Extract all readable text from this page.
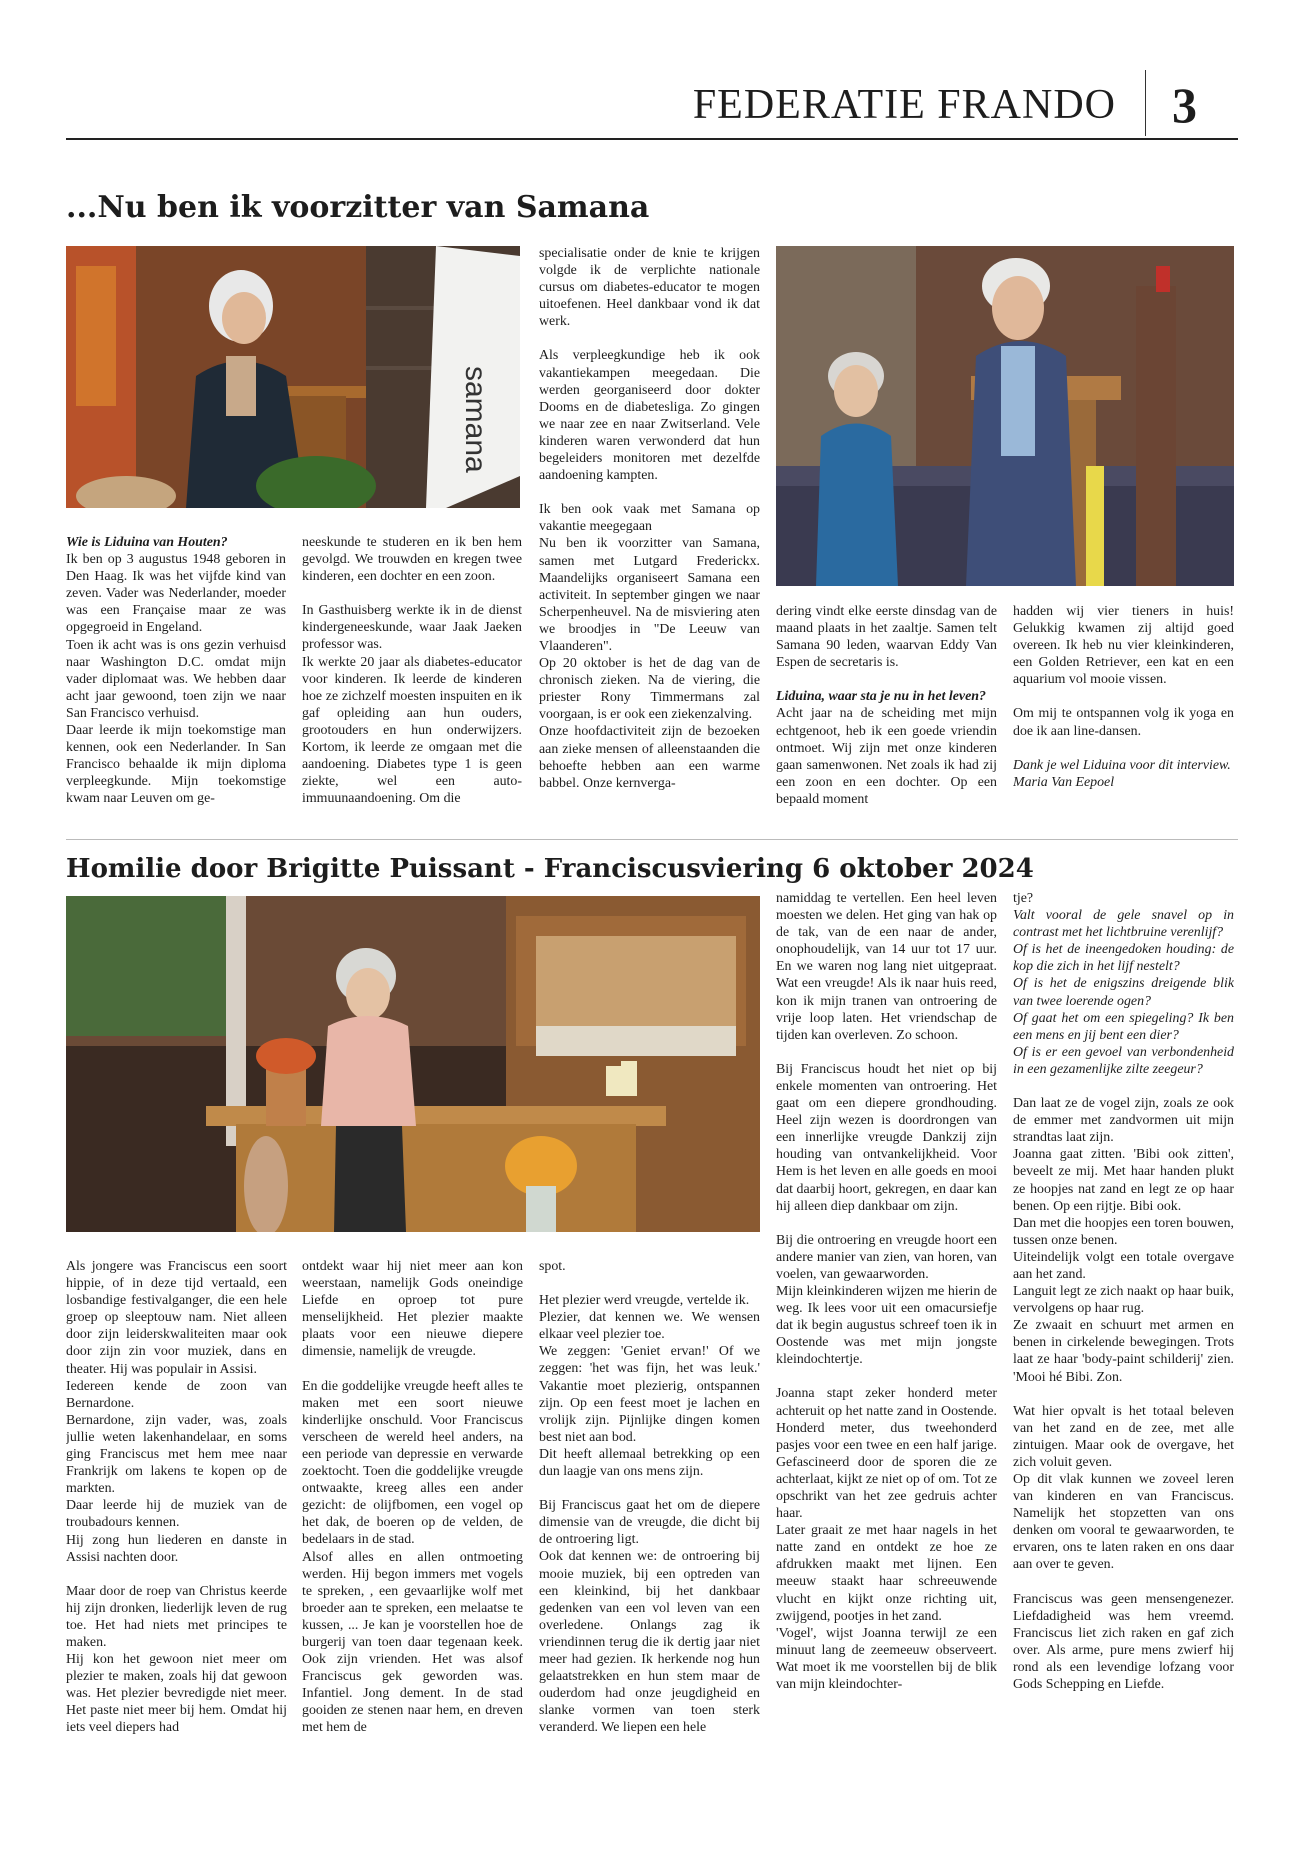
FEDERATIE FRANDO 3
...Nu ben ik voorzitter van Samana
samana

Wie is Liduina van Houten?

Ik ben op 3 augustus 1948 geboren in Den Haag. Ik was het vijfde kind van zeven. Vader was Nederlander, moeder was een Française maar ze was opgegroeid in Engeland.

Toen ik acht was is ons gezin verhuisd naar Washington D.C. omdat mijn vader diplomaat was. We hebben daar acht jaar gewoond, toen zijn we naar San Francisco verhuisd.

Daar leerde ik mijn toekomstige man kennen, ook een Nederlander. In San Francisco behaalde ik mijn diploma verpleegkunde. Mijn toekomstige kwam naar Leuven om ge-

neeskunde te studeren en ik ben hem gevolgd. We trouwden en kregen twee kinderen, een dochter en een zoon.

In Gasthuisberg werkte ik in de dienst kindergeneeskunde, waar Jaak Jaeken professor was.

Ik werkte 20 jaar als diabetes-educator voor kinderen. Ik leerde de kinderen hoe ze zichzelf moesten inspuiten en ik gaf opleiding aan hun ouders, grootouders en hun onderwijzers. Kortom, ik leerde ze omgaan met die aandoening. Diabetes type 1 is geen ziekte, wel een auto-immuunaandoening. Om die

specialisatie onder de knie te krijgen volgde ik de verplichte nationale cursus om diabetes-educator te mogen uitoefenen. Heel dankbaar vond ik dat werk.

Als verpleegkundige heb ik ook vakantiekampen meegedaan. Die werden georganiseerd door dokter Dooms en de diabetesliga. Zo gingen we naar zee en naar Zwitserland. Vele kinderen waren verwonderd dat hun begeleiders monitoren met dezelfde aandoening kampten.

Ik ben ook vaak met Samana op vakantie meegegaan

Nu ben ik voorzitter van Samana, samen met Lutgard Frederickx. Maandelijks organiseert Samana een activiteit. In september gingen we naar Scherpenheuvel. Na de misviering aten we broodjes in "De Leeuw van Vlaanderen".

Op 20 oktober is het de dag van de chronisch zieken. Na de viering, die priester Rony Timmermans zal voorgaan, is er ook een ziekenzalving.

Onze hoofdactiviteit zijn de bezoeken aan zieke mensen of alleenstaanden die behoefte hebben aan een warme babbel. Onze kernverga-

dering vindt elke eerste dinsdag van de maand plaats in het zaaltje. Samen telt Samana 90 leden, waarvan Eddy Van Espen de secretaris is.

Liduina, waar sta je nu in het leven?

Acht jaar na de scheiding met mijn echtgenoot, heb ik een goede vriendin ontmoet. Wij zijn met onze kinderen gaan samenwonen. Net zoals ik had zij een zoon en een dochter. Op een bepaald moment

hadden wij vier tieners in huis! Gelukkig kwamen zij altijd goed overeen. Ik heb nu vier kleinkinderen, een Golden Retriever, een kat en een aquarium vol mooie vissen.

Om mij te ontspannen volg ik yoga en doe ik aan line-dansen.

Dank je wel Liduina voor dit interview.

Maria Van Eepoel

Homilie door Brigitte Puissant - Franciscusviering 6 oktober 2024

Als jongere was Franciscus een soort hippie, of in deze tijd vertaald, een losbandige festivalganger, die een hele groep op sleeptouw nam. Niet alleen door zijn leiderskwaliteiten maar ook door zijn zin voor muziek, dans en theater. Hij was populair in Assisi.

Iedereen kende de zoon van Bernardone.

Bernardone, zijn vader, was, zoals jullie weten lakenhandelaar, en soms ging Franciscus met hem mee naar Frankrijk om lakens te kopen op de markten.

Daar leerde hij de muziek van de troubadours kennen.

Hij zong hun liederen en danste in Assisi nachten door.

Maar door de roep van Christus keerde hij zijn dronken, liederlijk leven de rug toe. Het had niets met principes te maken.

Hij kon het gewoon niet meer om plezier te maken, zoals hij dat gewoon was. Het plezier bevredigde niet meer. Het paste niet meer bij hem. Omdat hij iets veel diepers had

ontdekt waar hij niet meer aan kon weerstaan, namelijk Gods oneindige Liefde en oproep tot pure menselijkheid. Het plezier maakte plaats voor een nieuwe diepere dimensie, namelijk de vreugde.

En die goddelijke vreugde heeft alles te maken met een soort nieuwe kinderlijke onschuld. Voor Franciscus verscheen de wereld heel anders, na een periode van depressie en verwarde zoektocht. Toen die goddelijke vreugde ontwaakte, kreeg alles een ander gezicht: de olijfbomen, een vogel op het dak, de boeren op de velden, de bedelaars in de stad.

Alsof alles en allen ontmoeting werden. Hij begon immers met vogels te spreken, , een gevaarlijke wolf met broeder aan te spreken, een melaatse te kussen, ... Je kan je voorstellen hoe de burgerij van toen daar tegenaan keek. Ook zijn vrienden. Het was alsof Franciscus gek geworden was. Infantiel. Jong dement. In de stad gooiden ze stenen naar hem, en dreven met hem de

spot.

Het plezier werd vreugde, vertelde ik.

Plezier, dat kennen we. We wensen elkaar veel plezier toe.

We zeggen: 'Geniet ervan!' Of we zeggen: 'het was fijn, het was leuk.' Vakantie moet plezierig, ontspannen zijn. Op een feest moet je lachen en vrolijk zijn. Pijnlijke dingen komen best niet aan bod.

Dit heeft allemaal betrekking op een dun laagje van ons mens zijn.

Bij Franciscus gaat het om de diepere dimensie van de vreugde, die dicht bij de ontroering ligt.

Ook dat kennen we: de ontroering bij mooie muziek, bij een optreden van een kleinkind, bij het dankbaar gedenken van een vol leven van een overledene. Onlangs zag ik vriendinnen terug die ik dertig jaar niet meer had gezien. Ik herkende nog hun gelaatstrekken en hun stem maar de ouderdom had onze jeugdigheid en slanke vormen van toen sterk veranderd. We liepen een hele

namiddag te vertellen. Een heel leven moesten we delen. Het ging van hak op de tak, van de een naar de ander, onophoudelijk, van 14 uur tot 17 uur. En we waren nog lang niet uitgepraat. Wat een vreugde! Als ik naar huis reed, kon ik mijn tranen van ontroering de vrije loop laten. Het vriendschap de tijden kan overleven. Zo schoon.

Bij Franciscus houdt het niet op bij enkele momenten van ontroering. Het gaat om een diepere grondhouding. Heel zijn wezen is doordrongen van een innerlijke vreugde Dankzij zijn houding van ontvankelijkheid. Voor Hem is het leven en alle goeds en mooi dat daarbij hoort, gekregen, en daar kan hij alleen diep dankbaar om zijn.

Bij die ontroering en vreugde hoort een andere manier van zien, van horen, van voelen, van gewaarworden.

Mijn kleinkinderen wijzen me hierin de weg. Ik lees voor uit een omacursiefje dat ik begin augustus schreef toen ik in Oostende was met mijn jongste kleindochtertje.

Joanna stapt zeker honderd meter achteruit op het natte zand in Oostende. Honderd meter, dus tweehonderd pasjes voor een twee en een half jarige. Gefascineerd door de sporen die ze achterlaat, kijkt ze niet op of om. Tot ze opschrikt van het zee gedruis achter haar.

Later graait ze met haar nagels in het natte zand en ontdekt ze hoe ze afdrukken maakt met lijnen. Een meeuw staakt haar schreeuwende vlucht en kijkt onze richting uit, zwijgend, pootjes in het zand.

'Vogel', wijst Joanna terwijl ze een minuut lang de zeemeeuw observeert. Wat moet ik me voorstellen bij de blik van mijn kleindochter-

tje?

Valt vooral de gele snavel op in contrast met het lichtbruine verenlijf?

Of is het de ineengedoken houding: de kop die zich in het lijf nestelt?

Of is het de enigszins dreigende blik van twee loerende ogen?

Of gaat het om een spiegeling? Ik ben een mens en jij bent een dier?

Of is er een gevoel van verbondenheid in een gezamenlijke zilte zeegeur?

Dan laat ze de vogel zijn, zoals ze ook de emmer met zandvormen uit mijn strandtas laat zijn.

Joanna gaat zitten. 'Bibi ook zitten', beveelt ze mij. Met haar handen plukt ze hoopjes nat zand en legt ze op haar benen. Op een rijtje. Bibi ook.

Dan met die hoopjes een toren bouwen, tussen onze benen.

Uiteindelijk volgt een totale overgave aan het zand.

Languit legt ze zich naakt op haar buik, vervolgens op haar rug.

Ze zwaait en schuurt met armen en benen in cirkelende bewegingen. Trots laat ze haar 'body-paint schilderij' zien. 'Mooi hé Bibi. Zon.

Wat hier opvalt is het totaal beleven van het zand en de zee, met alle zintuigen. Maar ook de overgave, het zich voluit geven.

Op dit vlak kunnen we zoveel leren van kinderen en van Franciscus. Namelijk het stopzetten van ons denken om vooral te gewaarworden, te ervaren, ons te laten raken en ons daar aan over te geven.

Franciscus was geen mensengenezer. Liefdadigheid was hem vreemd. Franciscus liet zich raken en gaf zich over. Als arme, pure mens zwierf hij rond als een levendige lofzang voor Gods Schepping en Liefde.
